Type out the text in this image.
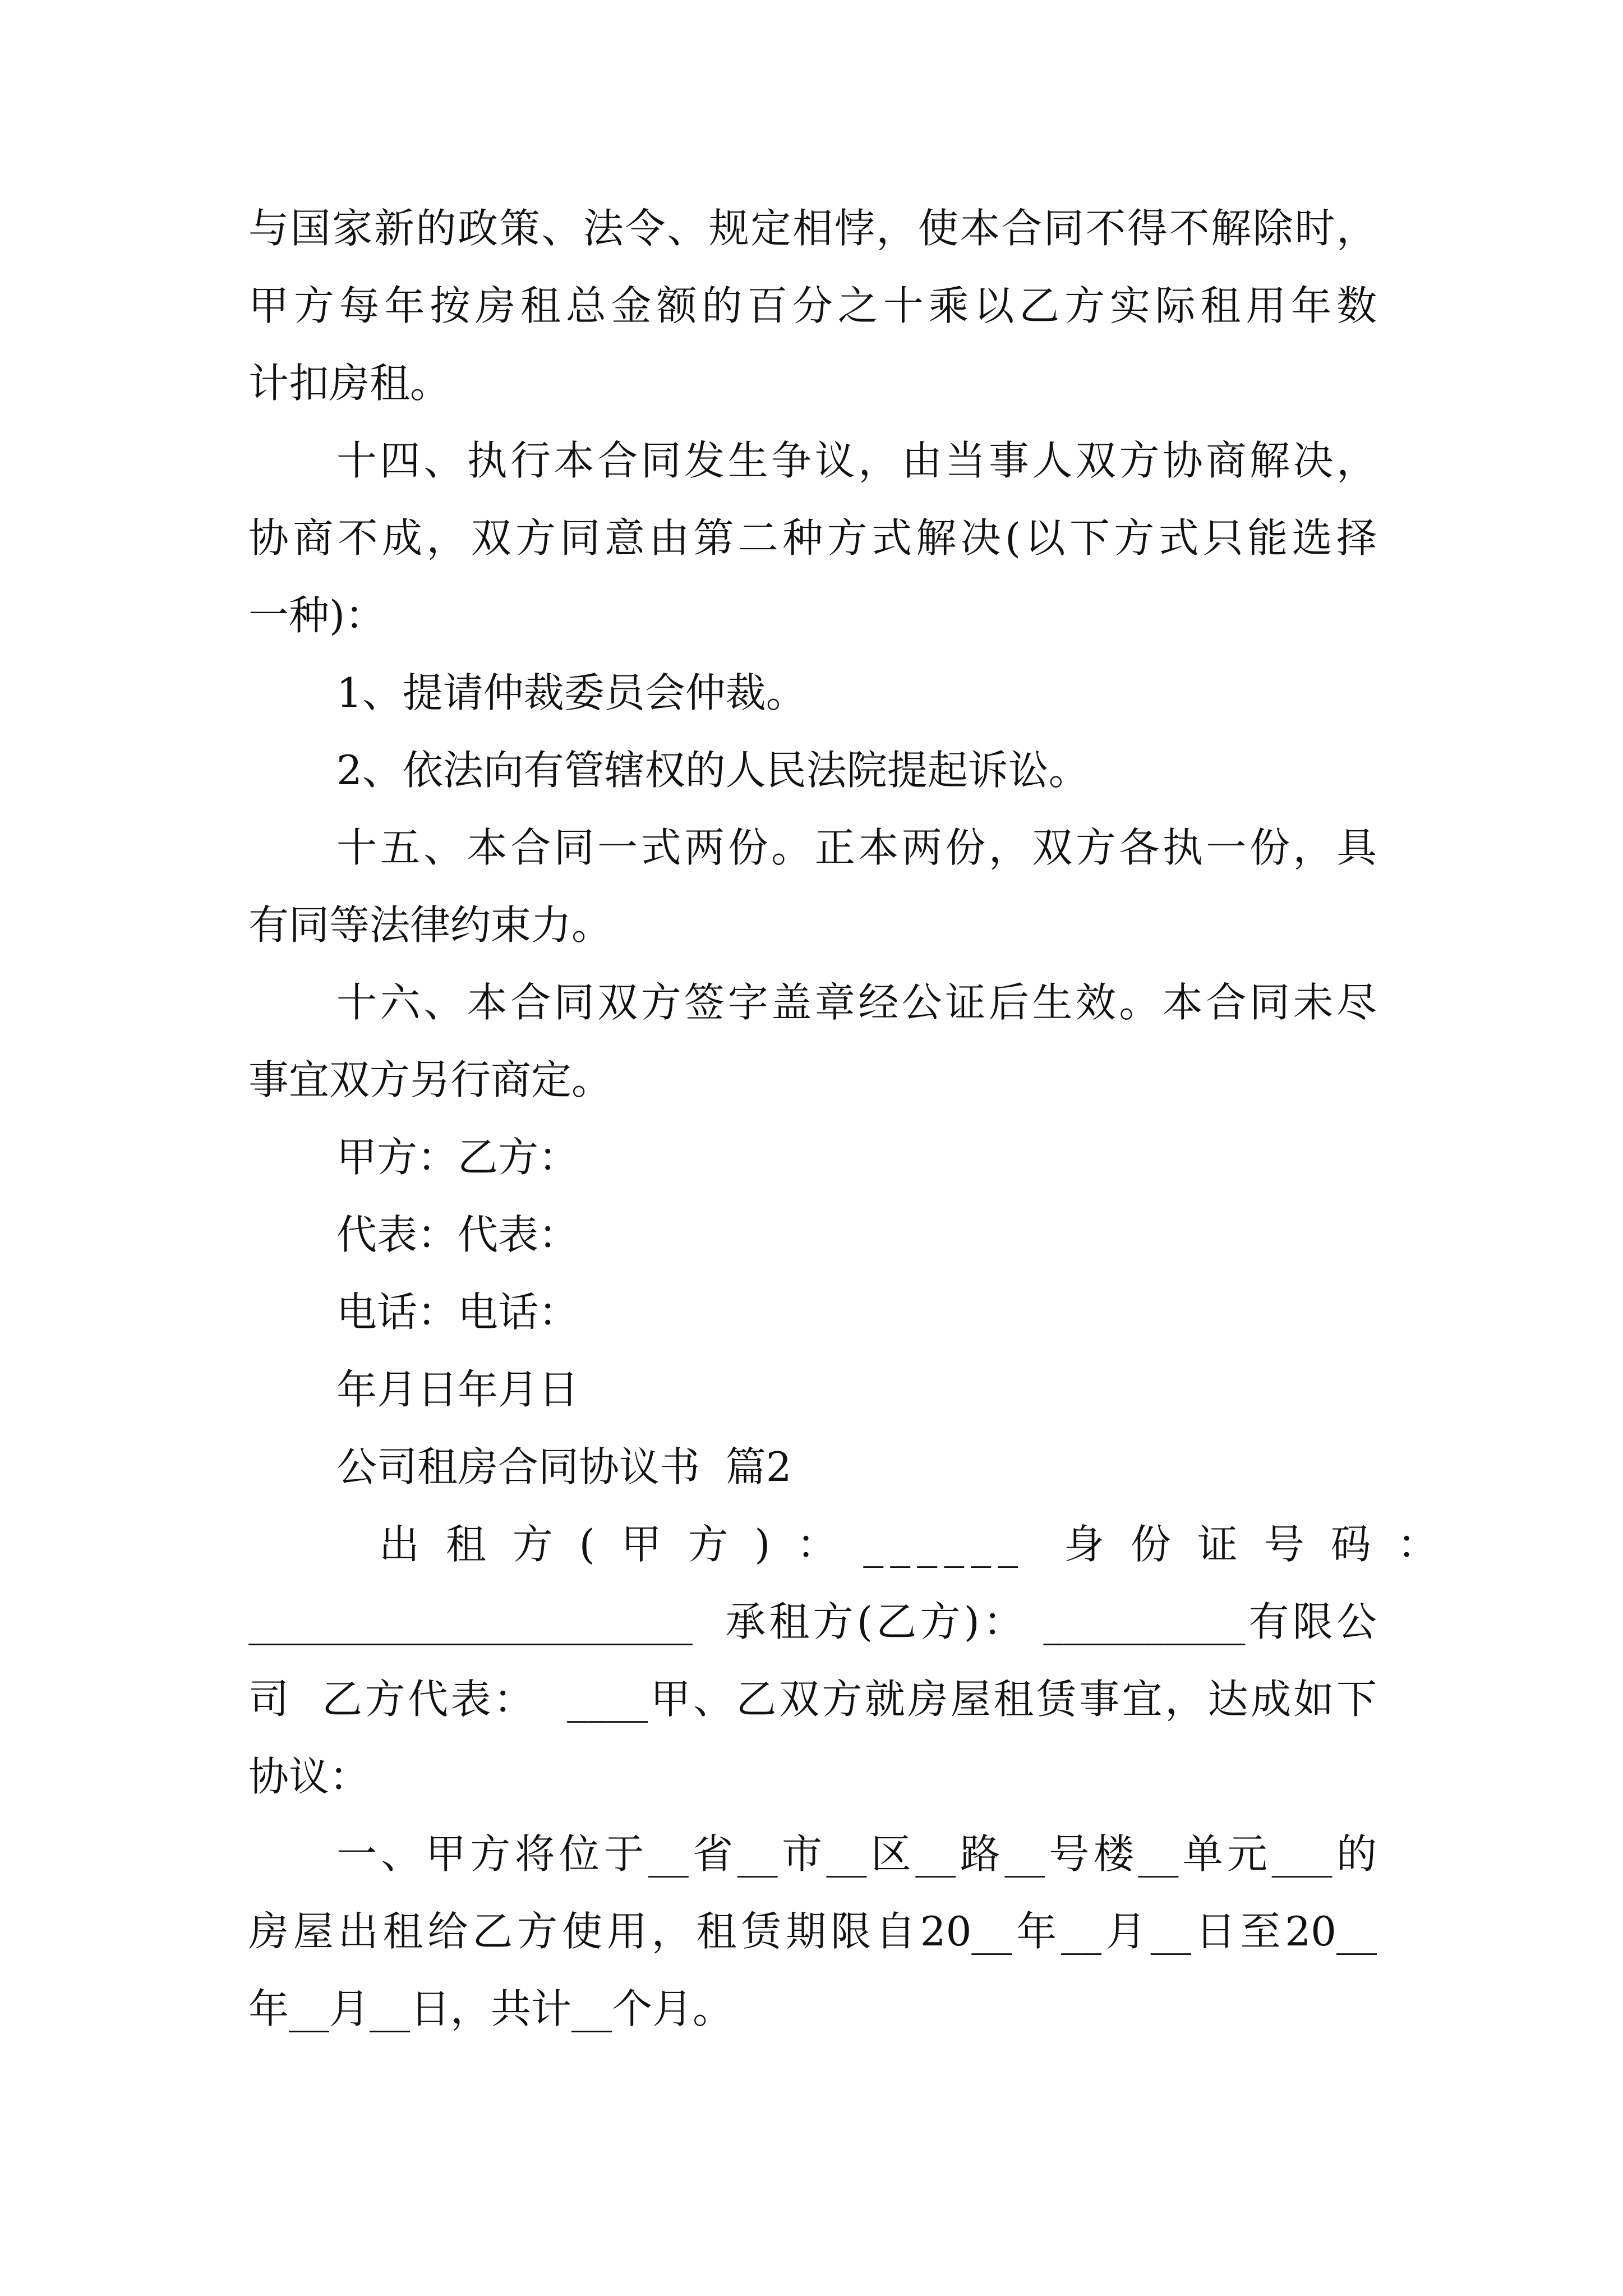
与国家新的政策、法令、规定相悖，使本合同不得不解除时，
甲方每年按房租总金额的百分之十乘以乙方实际租用年数
计扣房租。
十四、执行本合同发生争议，由当事人双方协商解决，
协商不成，双方同意由第二种方式解决(以下方式只能选择
一种)：
1、提请仲裁委员会仲裁。
2、依法向有管辖权的人民法院提起诉讼。
十五、本合同一式两份。正本两份，双方各执一份，具
有同等法律约束力。
十六、本合同双方签字盖章经公证后生效。本合同未尽
事宜双方另行商定。
甲方：乙方：
代表：代表：
电话：电话：
年月日年月日
公司租房合同协议书  篇2
出 租 方 ( 甲 方 ) ： ______  身 份 证 号 码 ：
______________________  承租方(乙方)： __________有限公
司  乙方代表：  ____甲、乙双方就房屋租赁事宜，达成如下
协议：
一、甲方将位于__省__市__区__路__号楼__单元___的
房屋出租给乙方使用，租赁期限自20__年__月__日至20__
年__月__日，共计__个月。
